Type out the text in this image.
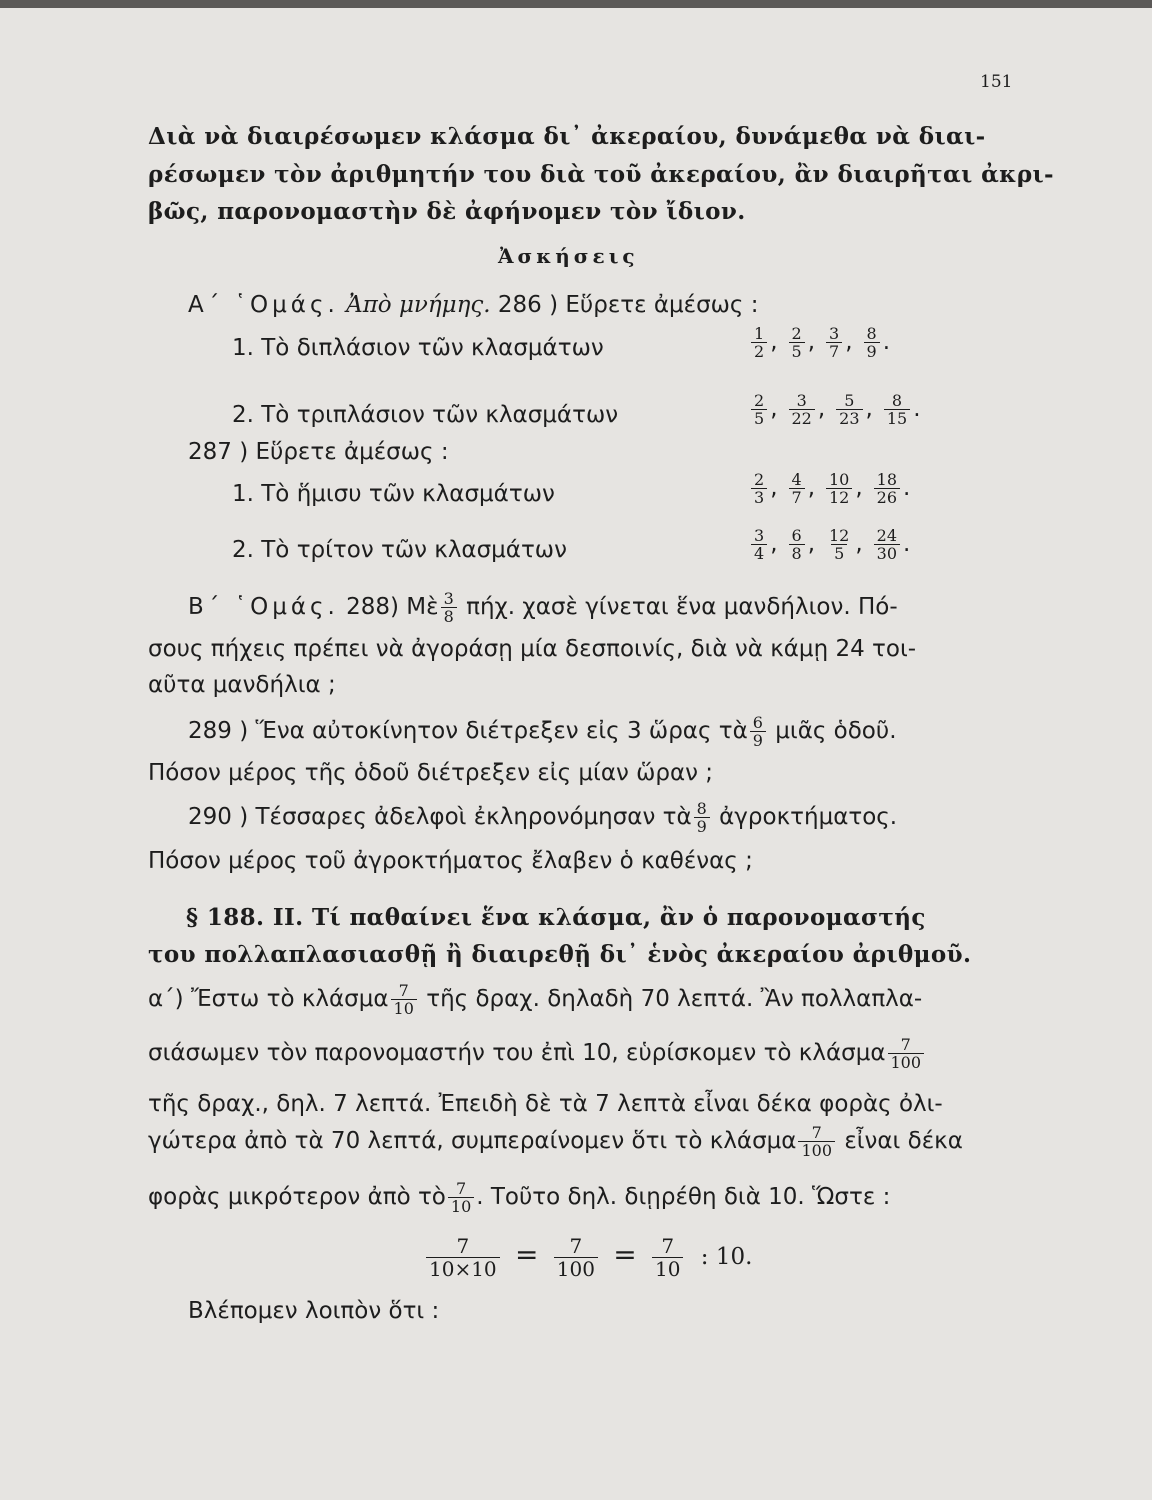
151
Διὰ νὰ διαιρέσωμεν κλάσμα δι᾿ ἀκεραίου, δυνάμεθα νὰ διαι-
ρέσωμεν τὸν ἀριθμητήν του διὰ τοῦ ἀκεραίου, ἂν διαιρῆται ἀκρι-
βῶς, παρονομαστὴν δὲ ἀφήνομεν τὸν ἴδιον.
Ἀσκήσεις
Α΄ ῾Ομάς. Ἀπὸ μνήμης. 286 ) Εὕρετε ἀμέσως :
1. Τὸ διπλάσιον τῶν κλασμάτων	$\frac{1}{2}$ , $\frac{2}{5}$ , $\frac{3}{7}$ , $\frac{8}{9}$ .
2. Τὸ τριπλάσιον τῶν κλασμάτων	$\frac{2}{5}$ , $\frac{3}{22}$ , $\frac{5}{23}$ , $\frac{8}{15}$ .
287 ) Εὕρετε ἀμέσως :
1. Τὸ ἥμισυ τῶν κλασμάτων	$\frac{2}{3}$ , $\frac{4}{7}$ , $\frac{10}{12}$ , $\frac{18}{26}$ .
2. Τὸ τρίτον τῶν κλασμάτων	$\frac{3}{4}$ , $\frac{6}{8}$ , $\frac{12}{5}$ , $\frac{24}{30}$ .
Β΄ ῾Ομάς. 288) Μὲ $\frac{3}{8} \pi ή\chi$. χασὲ γίνεται ἕνα μανδήλιον. Πό-
σους πήχεις πρέπει νὰ ἀγοράσῃ μία δεσποινίς, διὰ νὰ κάμῃ 24 τοι-
αῦτα μανδήλια ;
289 ) Ἕνα αὐτοκίνητον διέτρεξεν εἰς 3 ὥρας τὰ $\frac{6}{9}$ μιᾶς ὁδοῦ.
Πόσον μέρος τῆς ὁδοῦ διέτρεξεν εἰς μίαν ὥραν ;
290 ) Τέσσαρες ἀδελφοὶ ἐκληρονόμησαν τὰ $\frac{8}{9}$ ἀγροκτήματος.
Πόσον μέρος τοῦ ἀγροκτήματος ἔλαβεν ὁ καθένας ;
§ 188. ΙΙ. Τί παθαίνει ἕνα κλάσμα, ἂν ὁ παρονομαστής
του πολλαπλασιασθῇ ἢ διαιρεθῇ δι᾿ ἑνὸς ἀκεραίου ἀριθμοῦ.
α΄) Ἔστω τὸ κλάσμα $\frac{7}{10}$ τῆς δραχ. δηλαδὴ 70 λεπτά. Ἂν πολλαπλα-
σιάσωμεν τὸν παρονομαστήν του ἐπὶ 10, εὑρίσκομεν τὸ κλάσμα $\frac{7}{100}$
τῆς δραχ., δηλ. 7 λεπτά. Ἐπειδὴ δὲ τὰ 7 λεπτὰ εἶναι δέκα φορὰς ὀλι-
γώτερα ἀπὸ τὰ 70 λεπτά, συμπεραίνομεν ὅτι τὸ κλάσμα $\frac{7}{100}$ εἶναι δέκα
φορὰς μικρότερον ἀπὸ τὸ $\frac{7}{10}$ . Τοῦτο δηλ. διῃρέθη διὰ 10. Ὥστε :
$\frac{7}{10\times 10} = \frac{7}{100} = \frac{7}{10}$ : 10.
Βλέπομεν λοιπὸν ὅτι :
